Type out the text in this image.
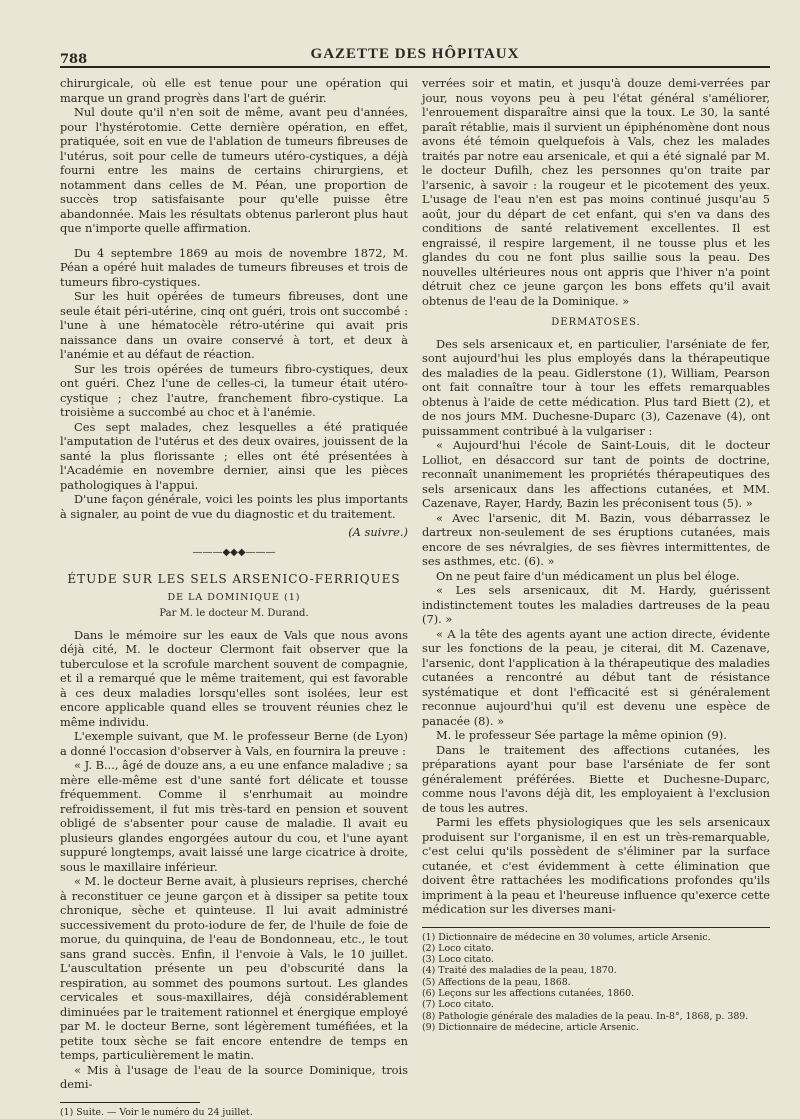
788	GAZETTE DES HÔPITAUX

chirurgicale, où elle est tenue pour une opération qui marque un grand progrès dans l'art de guérir.

Nul doute qu'il n'en soit de même, avant peu d'années, pour l'hystérotomie. Cette dernière opération, en effet, pratiquée, soit en vue de l'ablation de tumeurs fibreuses de l'utérus, soit pour celle de tumeurs utéro-cystiques, a déjà fourni entre les mains de certains chirurgiens, et notamment dans celles de M. Péan, une proportion de succès trop satisfaisante pour qu'elle puisse être abandonnée. Mais les résultats obtenus parleront plus haut que n'importe quelle affirmation.

Du 4 septembre 1869 au mois de novembre 1872, M. Péan a opéré huit malades de tumeurs fibreuses et trois de tumeurs fibro-cystiques.

Sur les huit opérées de tumeurs fibreuses, dont une seule était péri-utérine, cinq ont guéri, trois ont succombé : l'une à une hématocèle rétro-utérine qui avait pris naissance dans un ovaire conservé à tort, et deux à l'anémie et au défaut de réaction.

Sur les trois opérées de tumeurs fibro-cystiques, deux ont guéri. Chez l'une de celles-ci, la tumeur était utéro-cystique ; chez l'autre, franchement fibro-cystique. La troisième a succombé au choc et à l'anémie.

Ces sept malades, chez lesquelles a été pratiquée l'amputation de l'utérus et des deux ovaires, jouissent de la santé la plus florissante ; elles ont été présentées à l'Académie en novembre dernier, ainsi que les pièces pathologiques à l'appui.

D'une façon générale, voici les points les plus importants à signaler, au point de vue du diagnostic et du traitement.

(A suivre.)
———◆◆◆———
ÉTUDE SUR LES SELS ARSENICO-FERRIQUES
DE LA DOMINIQUE (1)
Par M. le docteur M. Durand.

Dans le mémoire sur les eaux de Vals que nous avons déjà cité, M. le docteur Clermont fait observer que la tuberculose et la scrofule marchent souvent de compagnie, et il a remarqué que le même traitement, qui est favorable à ces deux maladies lorsqu'elles sont isolées, leur est encore applicable quand elles se trouvent réunies chez le même individu.

L'exemple suivant, que M. le professeur Berne (de Lyon) a donné l'occasion d'observer à Vals, en fournira la preuve :

« J. B..., âgé de douze ans, a eu une enfance maladive ; sa mère elle-même est d'une santé fort délicate et tousse fréquemment. Comme il s'enrhumait au moindre refroidissement, il fut mis très-tard en pension et souvent obligé de s'absenter pour cause de maladie. Il avait eu plusieurs glandes engorgées autour du cou, et l'une ayant suppuré longtemps, avait laissé une large cicatrice à droite, sous le maxillaire inférieur.

« M. le docteur Berne avait, à plusieurs reprises, cherché à reconstituer ce jeune garçon et à dissiper sa petite toux chronique, sèche et quinteuse. Il lui avait administré successivement du proto-iodure de fer, de l'huile de foie de morue, du quinquina, de l'eau de Bondonneau, etc., le tout sans grand succès. Enfin, il l'envoie à Vals, le 10 juillet. L'auscultation présente un peu d'obscurité dans la respiration, au sommet des poumons surtout. Les glandes cervicales et sous-maxillaires, déjà considérablement diminuées par le traitement rationnel et énergique employé par M. le docteur Berne, sont légèrement tuméfiées, et la petite toux sèche se fait encore entendre de temps en temps, particulièrement le matin.

« Mis à l'usage de l'eau de la source Dominique, trois demi-

(1) Suite. — Voir le numéro du 24 juillet.

verrées soir et matin, et jusqu'à douze demi-verrées par jour, nous voyons peu à peu l'état général s'améliorer, l'enrouement disparaître ainsi que la toux. Le 30, la santé paraît rétablie, mais il survient un épiphénomène dont nous avons été témoin quelquefois à Vals, chez les malades traités par notre eau arsenicale, et qui a été signalé par M. le docteur Dufilh, chez les personnes qu'on traite par l'arsenic, à savoir : la rougeur et le picotement des yeux. L'usage de l'eau n'en est pas moins continué jusqu'au 5 août, jour du départ de cet enfant, qui s'en va dans des conditions de santé relativement excellentes. Il est engraissé, il respire largement, il ne tousse plus et les glandes du cou ne font plus saillie sous la peau. Des nouvelles ultérieures nous ont appris que l'hiver n'a point détruit chez ce jeune garçon les bons effets qu'il avait obtenus de l'eau de la Dominique. »

DERMATOSES.

Des sels arsenicaux et, en particulier, l'arséniate de fer, sont aujourd'hui les plus employés dans la thérapeutique des maladies de la peau. Gidlerstone (1), William, Pearson ont fait connaître tour à tour les effets remarquables obtenus à l'aide de cette médication. Plus tard Biett (2), et de nos jours MM. Duchesne-Duparc (3), Cazenave (4), ont puissamment contribué à la vulgariser :

« Aujourd'hui l'école de Saint-Louis, dit le docteur Lolliot, en désaccord sur tant de points de doctrine, reconnaît unanimement les propriétés thérapeutiques des sels arsenicaux dans les affections cutanées, et MM. Cazenave, Rayer, Hardy, Bazin les préconisent tous (5). »

« Avec l'arsenic, dit M. Bazin, vous débarrassez le dartreux non-seulement de ses éruptions cutanées, mais encore de ses névralgies, de ses fièvres intermittentes, de ses asthmes, etc. (6). »

On ne peut faire d'un médicament un plus bel éloge.

« Les sels arsenicaux, dit M. Hardy, guérissent indistinctement toutes les maladies dartreuses de la peau (7). »

« A la tête des agents ayant une action directe, évidente sur les fonctions de la peau, je citerai, dit M. Cazenave, l'arsenic, dont l'application à la thérapeutique des maladies cutanées a rencontré au début tant de résistance systématique et dont l'efficacité est si généralement reconnue aujourd'hui qu'il est devenu une espèce de panacée (8). »

M. le professeur Sée partage la même opinion (9).

Dans le traitement des affections cutanées, les préparations ayant pour base l'arséniate de fer sont généralement préférées. Biette et Duchesne-Duparc, comme nous l'avons déjà dit, les employaient à l'exclusion de tous les autres.

Parmi les effets physiologiques que les sels arsenicaux produisent sur l'organisme, il en est un très-remarquable, c'est celui qu'ils possèdent de s'éliminer par la surface cutanée, et c'est évidemment à cette élimination que doivent être rattachées les modifications profondes qu'ils impriment à la peau et l'heureuse influence qu'exerce cette médication sur les diverses mani-

(1) Dictionnaire de médecine en 30 volumes, article Arsenic.
(2) Loco citato.
(3) Loco citato.
(4) Traité des maladies de la peau, 1870.
(5) Affections de la peau, 1868.
(6) Leçons sur les affections cutanées, 1860.
(7) Loco citato.
(8) Pathologie générale des maladies de la peau. In-8°, 1868, p. 389.
(9) Dictionnaire de médecine, article Arsenic.
